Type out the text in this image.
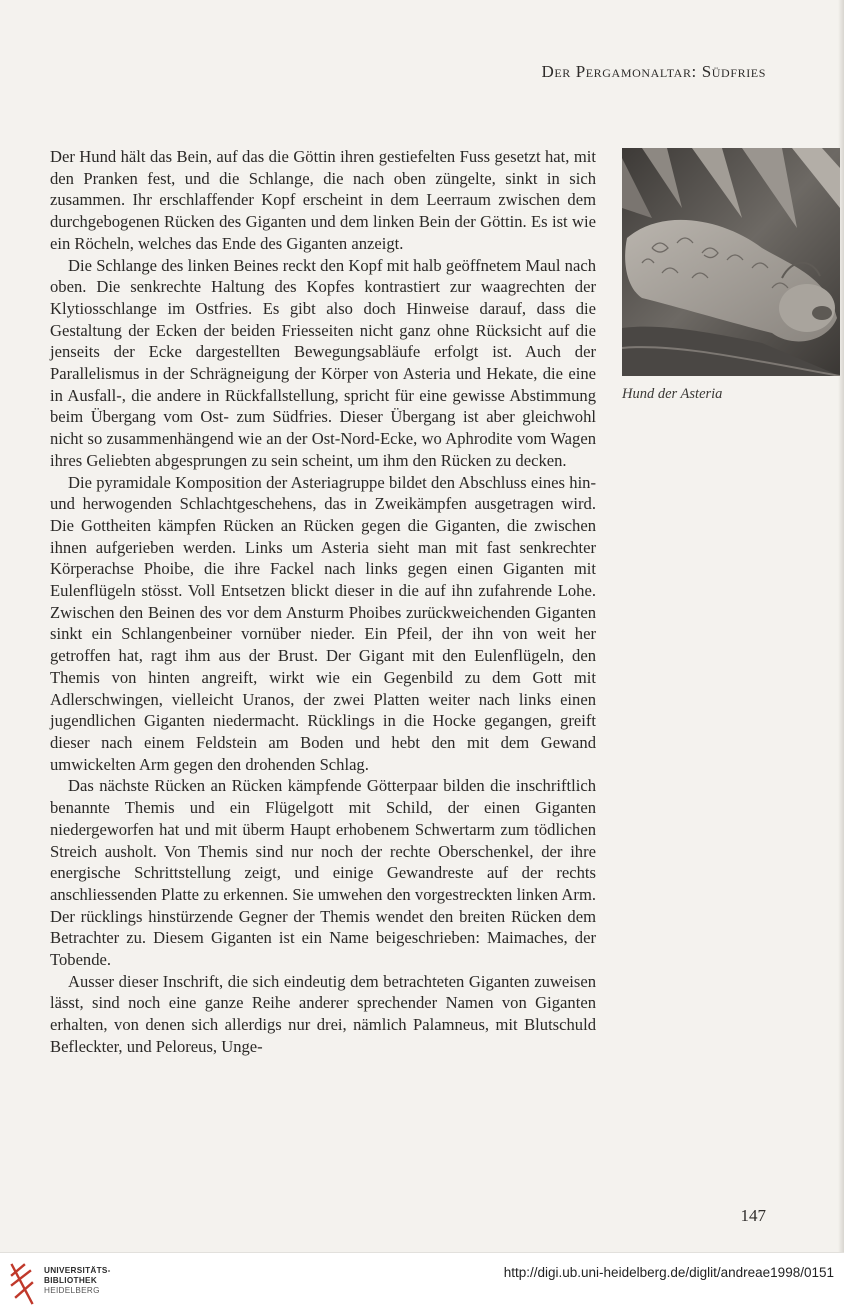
Der Pergamonaltar: Südfries

Der Hund hält das Bein, auf das die Göttin ihren gestiefelten Fuss gesetzt hat, mit den Pranken fest, und die Schlange, die nach oben züngelte, sinkt in sich zusammen. Ihr erschlaffender Kopf erscheint in dem Leerraum zwischen dem durchgebogenen Rücken des Giganten und dem linken Bein der Göttin. Es ist wie ein Röcheln, welches das Ende des Giganten anzeigt.

Die Schlange des linken Beines reckt den Kopf mit halb geöffnetem Maul nach oben. Die senkrechte Haltung des Kopfes kontrastiert zur waagrechten der Klytiosschlange im Ostfries. Es gibt also doch Hinweise darauf, dass die Gestaltung der Ecken der beiden Friesseiten nicht ganz ohne Rücksicht auf die jenseits der Ecke dargestellten Bewegungsabläufe erfolgt ist. Auch der Parallelismus in der Schrägneigung der Körper von Asteria und Hekate, die eine in Ausfall-, die andere in Rückfallstellung, spricht für eine gewisse Abstimmung beim Übergang vom Ost- zum Südfries. Dieser Übergang ist aber gleichwohl nicht so zusammenhängend wie an der Ost-Nord-Ecke, wo Aphrodite vom Wagen ihres Geliebten abgesprungen zu sein scheint, um ihm den Rücken zu decken.

Die pyramidale Komposition der Asteriagruppe bildet den Abschluss eines hin- und herwogenden Schlachtgeschehens, das in Zweikämpfen ausgetragen wird. Die Gottheiten kämpfen Rücken an Rücken gegen die Giganten, die zwischen ihnen aufgerieben werden. Links um Asteria sieht man mit fast senkrechter Körperachse Phoibe, die ihre Fackel nach links gegen einen Giganten mit Eulenflügeln stösst. Voll Entsetzen blickt dieser in die auf ihn zufahrende Lohe. Zwischen den Beinen des vor dem Ansturm Phoibes zurückweichenden Giganten sinkt ein Schlangenbeiner vornüber nieder. Ein Pfeil, der ihn von weit her getroffen hat, ragt ihm aus der Brust. Der Gigant mit den Eulenflügeln, den Themis von hinten angreift, wirkt wie ein Gegenbild zu dem Gott mit Adlerschwingen, vielleicht Uranos, der zwei Platten weiter nach links einen jugendlichen Giganten niedermacht. Rücklings in die Hocke gegangen, greift dieser nach einem Feldstein am Boden und hebt den mit dem Gewand umwickelten Arm gegen den drohenden Schlag.

Das nächste Rücken an Rücken kämpfende Götterpaar bilden die inschriftlich benannte Themis und ein Flügelgott mit Schild, der einen Giganten niedergeworfen hat und mit überm Haupt erhobenem Schwertarm zum tödlichen Streich ausholt. Von Themis sind nur noch der rechte Oberschenkel, der ihre energische Schrittstellung zeigt, und einige Gewandreste auf der rechts anschliessenden Platte zu erkennen. Sie umwehen den vorgestreckten linken Arm. Der rücklings hinstürzende Gegner der Themis wendet den breiten Rücken dem Betrachter zu. Diesem Giganten ist ein Name beigeschrieben: Maimaches, der Tobende.

Ausser dieser Inschrift, die sich eindeutig dem betrachteten Giganten zuweisen lässt, sind noch eine ganze Reihe anderer sprechender Namen von Giganten erhalten, von denen sich allerdigs nur drei, nämlich Palamneus, mit Blutschuld Befleckter, und Peloreus, Unge-

Hund der Asteria
147
UNIVERSITÄTS-
BIBLIOTHEK
HEIDELBERG
http://digi.ub.uni-heidelberg.de/diglit/andreae1998/0151
